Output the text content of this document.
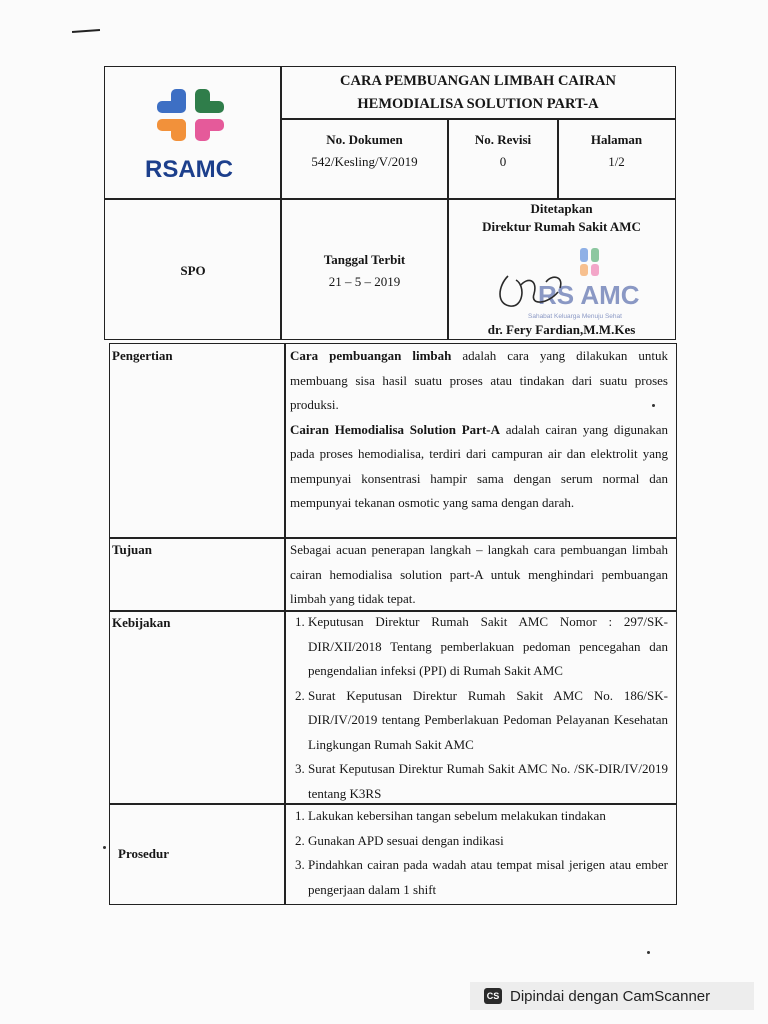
RSAMC
CARA PEMBUANGAN LIMBAH CAIRAN
HEMODIALISA SOLUTION PART-A
No. Dokumen
542/Kesling/V/2019
No. Revisi
0
Halaman
1/2
SPO
Tanggal Terbit
21 – 5 – 2019
Ditetapkan
Direktur Rumah Sakit AMC
RS AMC
Sahabat Keluarga Menuju Sehat
dr. Fery Fardian,M.M.Kes
Pengertian	Cara pembuangan limbah adalah cara yang dilakukan untuk membuang sisa hasil suatu proses atau tindakan dari suatu proses produksi.

Cairan Hemodialisa Solution Part-A adalah cairan yang digunakan pada proses hemodialisa, terdiri dari campuran air dan elektrolit yang mempunyai konsentrasi hampir sama dengan serum normal dan mempunyai tekanan osmotic yang sama dengan darah.

Tujuan	Sebagai acuan penerapan langkah – langkah cara pembuangan limbah cairan hemodialisa solution part-A untuk menghindari pembuangan limbah yang tidak tepat.

Kebijakan
1.	Keputusan Direktur Rumah Sakit AMC Nomor : 297/SK-DIR/XII/2018 Tentang pemberlakuan pedoman pencegahan dan pengendalian infeksi (PPI) di Rumah Sakit AMC
2. Surat Keputusan Direktur Rumah Sakit AMC No. 186/SK-DIR/IV/2019 tentang Pemberlakuan Pedoman Pelayanan Kesehatan Lingkungan Rumah Sakit AMC
3. Surat Keputusan Direktur Rumah Sakit AMC No. /SK-DIR/IV/2019 tentang K3RS
Prosedur
1. Lakukan kebersihan tangan sebelum melakukan tindakan
2. Gunakan APD sesuai dengan indikasi
3. Pindahkan cairan pada wadah atau tempat misal jerigen atau ember pengerjaan dalam 1 shift
CS Dipindai dengan CamScanner
